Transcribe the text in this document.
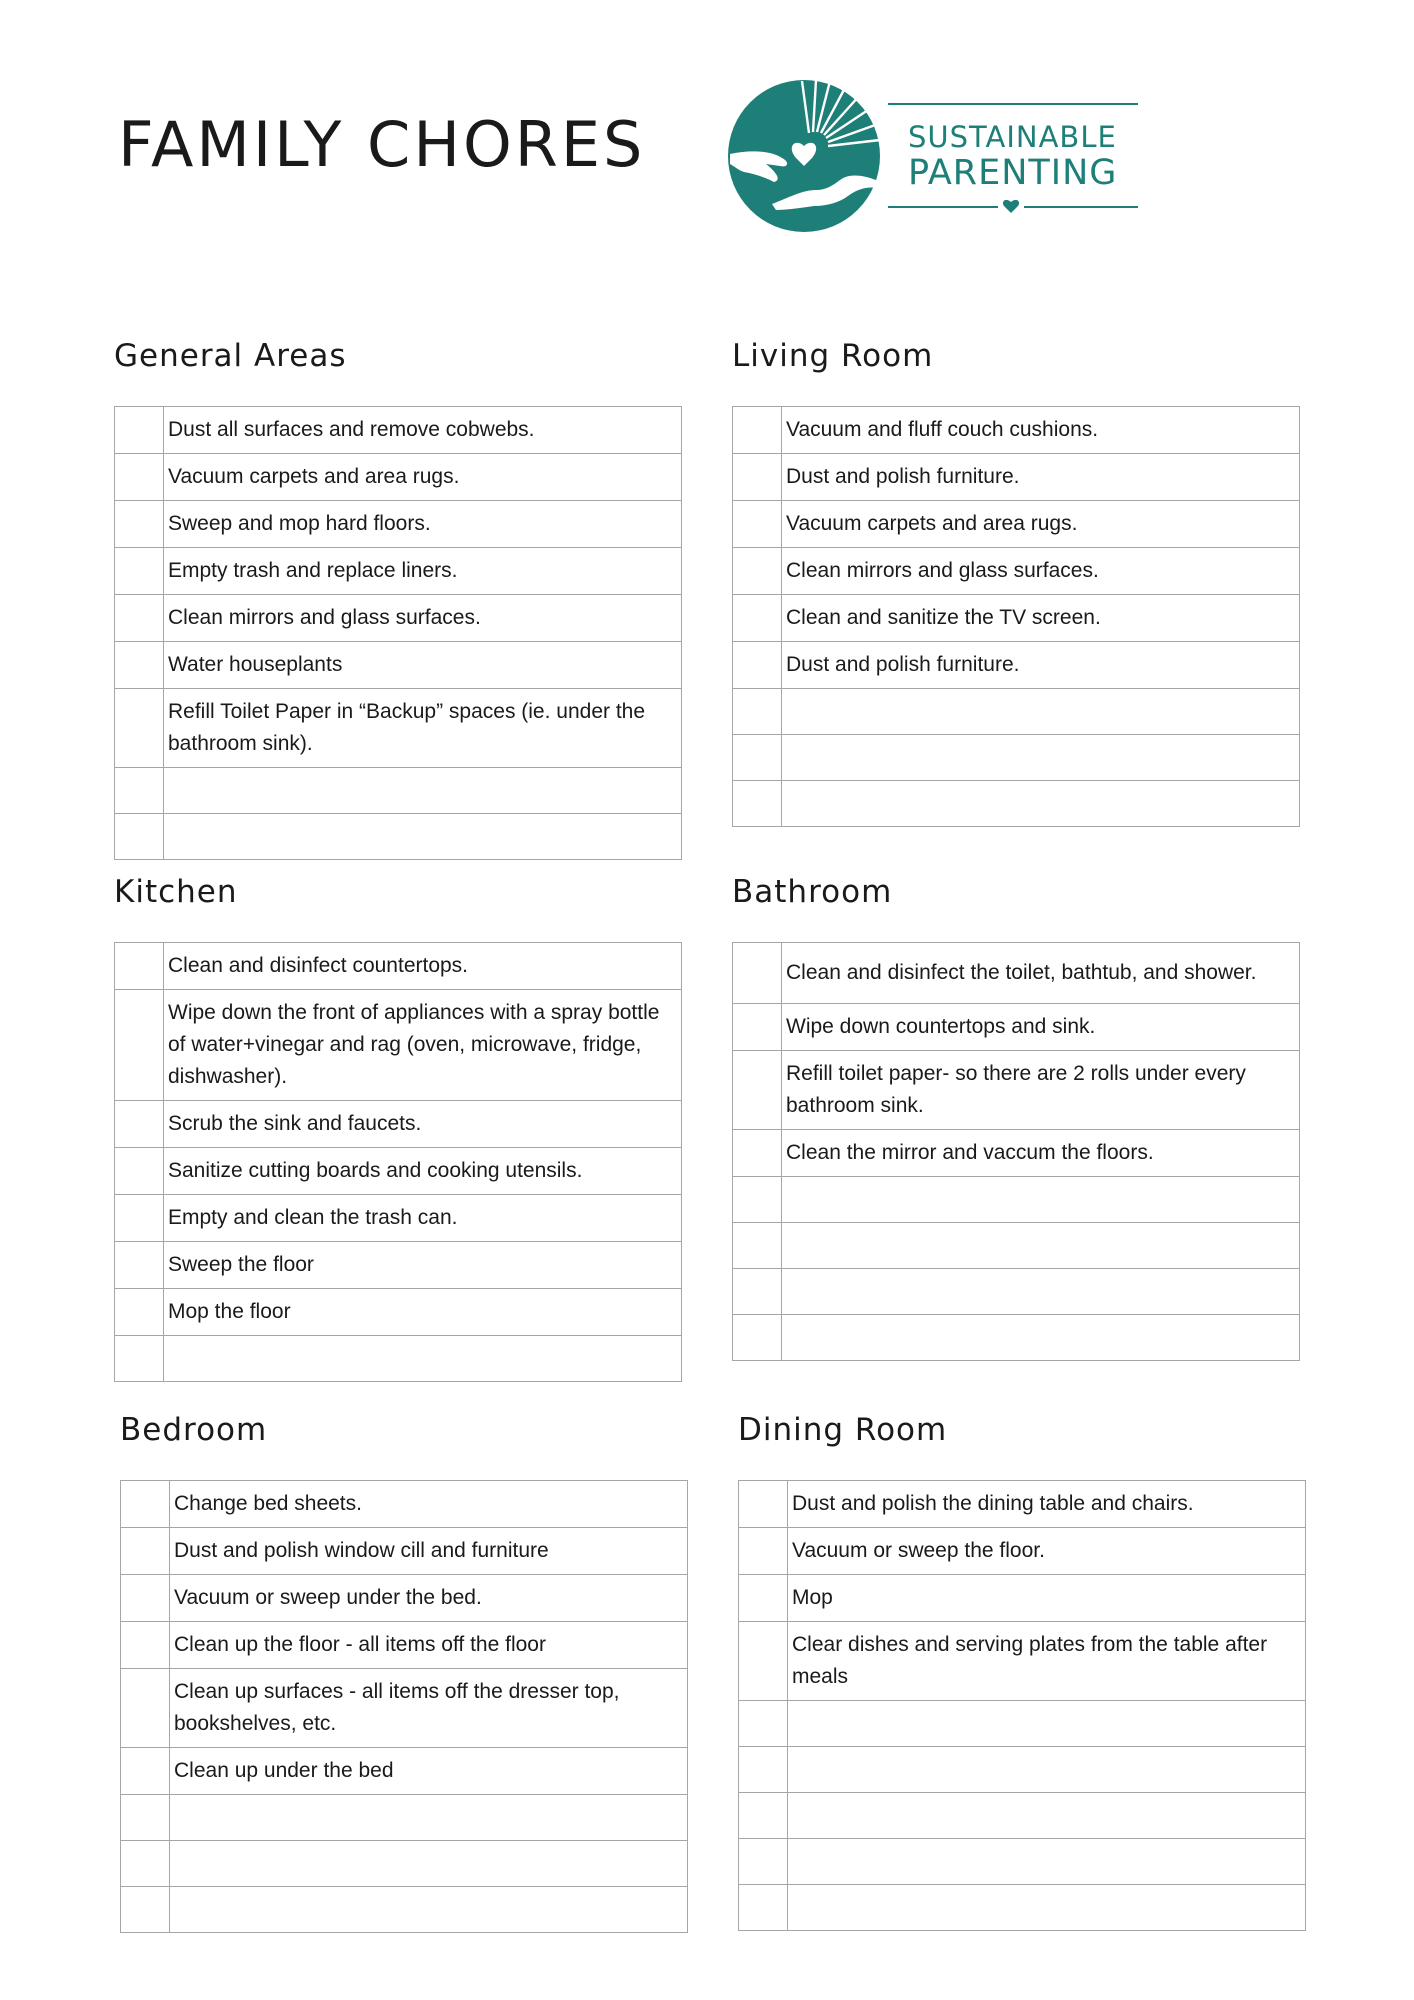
FAMILY CHORES	SUSTAINABLE
PARENTING
General Areas
	Dust all surfaces and remove cobwebs.
	Vacuum carpets and area rugs.
	Sweep and mop hard floors.
	Empty trash and replace liners.
	Clean mirrors and glass surfaces.
	Water houseplants
	Refill Toilet Paper in “Backup” spaces (ie. under the bathroom sink).

Living Room
	Vacuum and fluff couch cushions.
	Dust and polish furniture.
	Vacuum carpets and area rugs.
	Clean mirrors and glass surfaces.
	Clean and sanitize the TV screen.
	Dust and polish furniture.

Kitchen
	Clean and disinfect countertops.
	Wipe down the front of appliances with a spray bottle of water+vinegar and rag (oven, microwave, fridge, dishwasher).
	Scrub the sink and faucets.
	Sanitize cutting boards and cooking utensils.
	Empty and clean the trash can.
	Sweep the floor
	Mop the floor

Bathroom
	Clean and disinfect the toilet, bathtub, and shower.
	Wipe down countertops and sink.
	Refill toilet paper- so there are 2 rolls under every bathroom sink.
	Clean the mirror and vaccum the floors.

Bedroom
	Change bed sheets.
	Dust and polish window cill and furniture
	Vacuum or sweep under the bed.
	Clean up the floor - all items off the floor
	Clean up surfaces - all items off the dresser top, bookshelves, etc.
	Clean up under the bed

Dining Room
	Dust and polish the dining table and chairs.
	Vacuum or sweep the floor.
	Mop
	Clear dishes and serving plates from the table after meals
